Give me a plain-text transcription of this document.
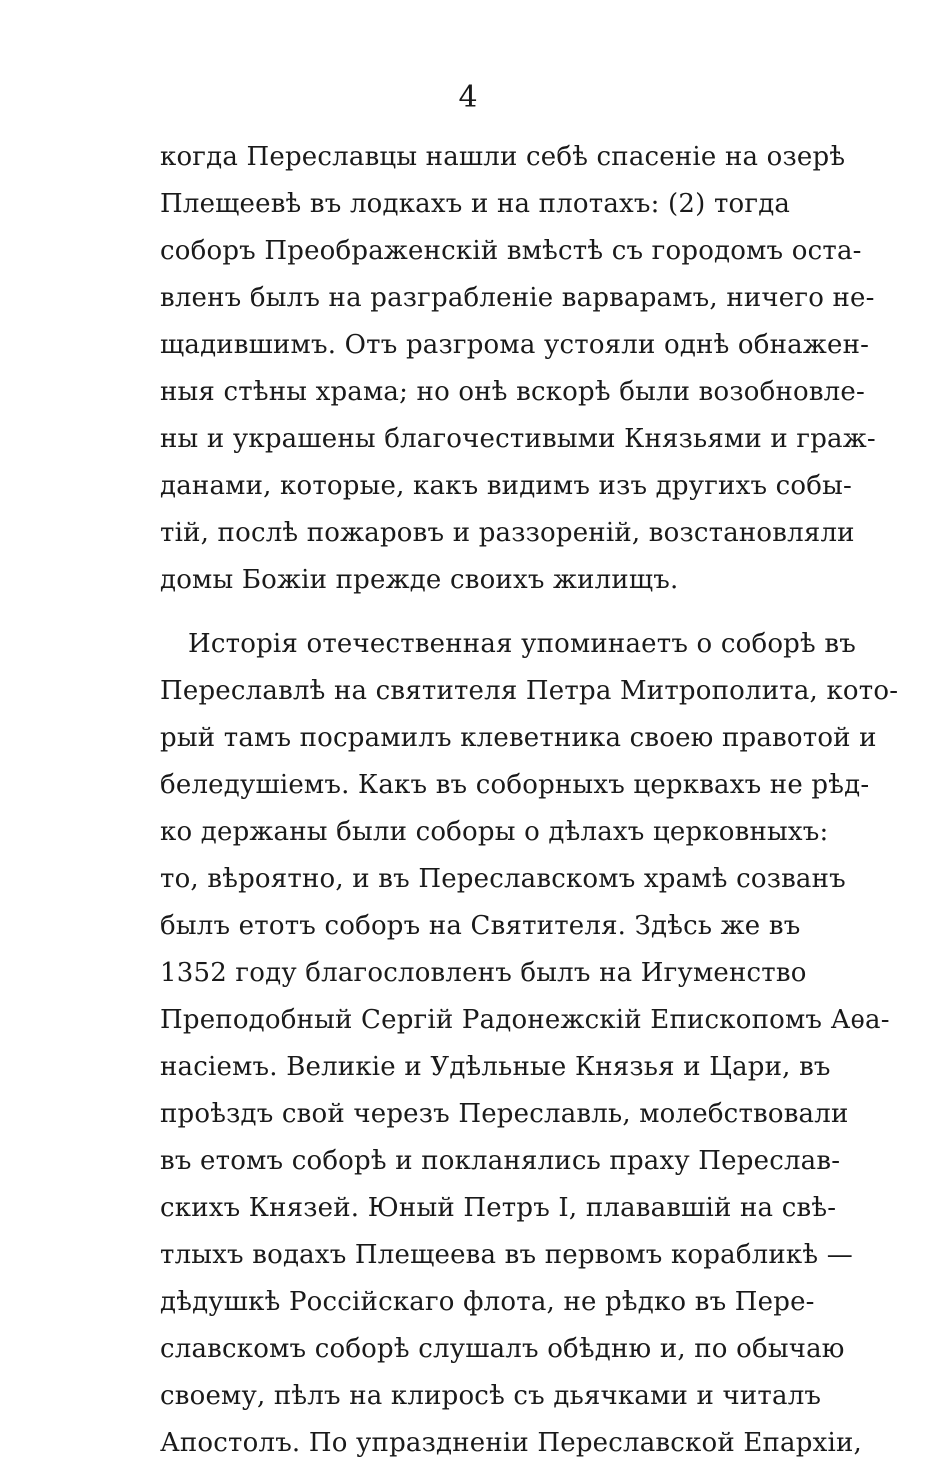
4
когда Переславцы нашли себѣ спасеніе на озерѣ
Плещеевѣ въ лодкахъ и на плотахъ: (2) тогда
соборъ Преображенскій вмѣстѣ съ городомъ оста-
вленъ былъ на разграбленіе варварамъ, ничего не-
щадившимъ. Отъ разгрома устояли однѣ обнажен-
ныя стѣны храма; но онѣ вскорѣ были возобновле-
ны и украшены благочестивыми Князьями и граж-
данами, которые, какъ видимъ изъ другихъ собы-
тій, послѣ пожаровъ и раззореній, возстановляли
домы Божіи прежде своихъ жилищъ.
Исторія отечественная упоминаетъ о соборѣ въ
Переславлѣ на святителя Петра Митрополита, кото-
рый тамъ посрамилъ клеветника своею правотой и
беледушіемъ. Какъ въ соборныхъ церквахъ не рѣд-
ко держаны были соборы о дѣлахъ церковныхъ:
то, вѣроятно, и въ Переславскомъ храмѣ созванъ
былъ етотъ соборъ на Святителя. Здѣсь же въ
1352 году благословленъ былъ на Игуменство
Преподобный Сергій Радонежскій Епископомъ Аѳа-
насіемъ. Великіе и Удѣльные Князья и Цари, въ
проѣздъ свой черезъ Переславль, молебствовали
въ етомъ соборѣ и покланялись праху Переслав-
скихъ Князей. Юный Петръ I, плававшій на свѣ-
тлыхъ водахъ Плещеева въ первомъ корабликѣ —
дѣдушкѣ Россійскаго флота, не рѣдко въ Пере-
славскомъ соборѣ слушалъ обѣдню и, по обычаю
своему, пѣлъ на клиросѣ съ дьячками и читалъ
Апостолъ. По упраздненіи Переславской Епархіи,
